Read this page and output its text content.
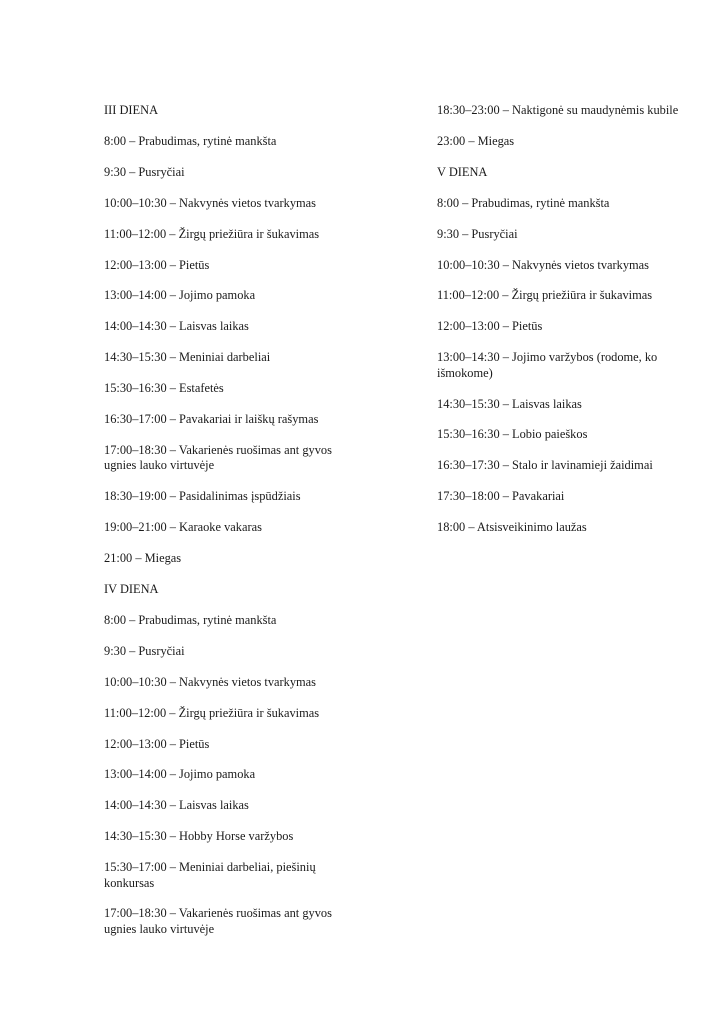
III DIENA

8:00 – Prabudimas, rytinė mankšta

9:30 – Pusryčiai

10:00–10:30 – Nakvynės vietos tvarkymas

11:00–12:00 – Žirgų priežiūra ir šukavimas

12:00–13:00 – Pietūs

13:00–14:00 – Jojimo pamoka

14:00–14:30 – Laisvas laikas

14:30–15:30 – Meniniai darbeliai

15:30–16:30 – Estafetės

16:30–17:00 – Pavakariai ir laiškų rašymas

17:00–18:30 – Vakarienės ruošimas ant gyvos ugnies lauko virtuvėje

18:30–19:00 – Pasidalinimas įspūdžiais

19:00–21:00 – Karaoke vakaras

21:00 – Miegas

IV DIENA

8:00 – Prabudimas, rytinė mankšta

9:30 – Pusryčiai

10:00–10:30 – Nakvynės vietos tvarkymas

11:00–12:00 – Žirgų priežiūra ir šukavimas

12:00–13:00 – Pietūs

13:00–14:00 – Jojimo pamoka

14:00–14:30 – Laisvas laikas

14:30–15:30 – Hobby Horse varžybos

15:30–17:00 – Meniniai darbeliai, piešinių konkursas

17:00–18:30 – Vakarienės ruošimas ant gyvos ugnies lauko virtuvėje

18:30–23:00 – Naktigonė su maudynėmis kubile

23:00 – Miegas

V DIENA

8:00 – Prabudimas, rytinė mankšta

9:30 – Pusryčiai

10:00–10:30 – Nakvynės vietos tvarkymas

11:00–12:00 – Žirgų priežiūra ir šukavimas

12:00–13:00 – Pietūs

13:00–14:30 – Jojimo varžybos (rodome, ko išmokome)

14:30–15:30 – Laisvas laikas

15:30–16:30 – Lobio paieškos

16:30–17:30 – Stalo ir lavinamieji žaidimai

17:30–18:00 – Pavakariai

18:00 – Atsisveikinimo laužas
